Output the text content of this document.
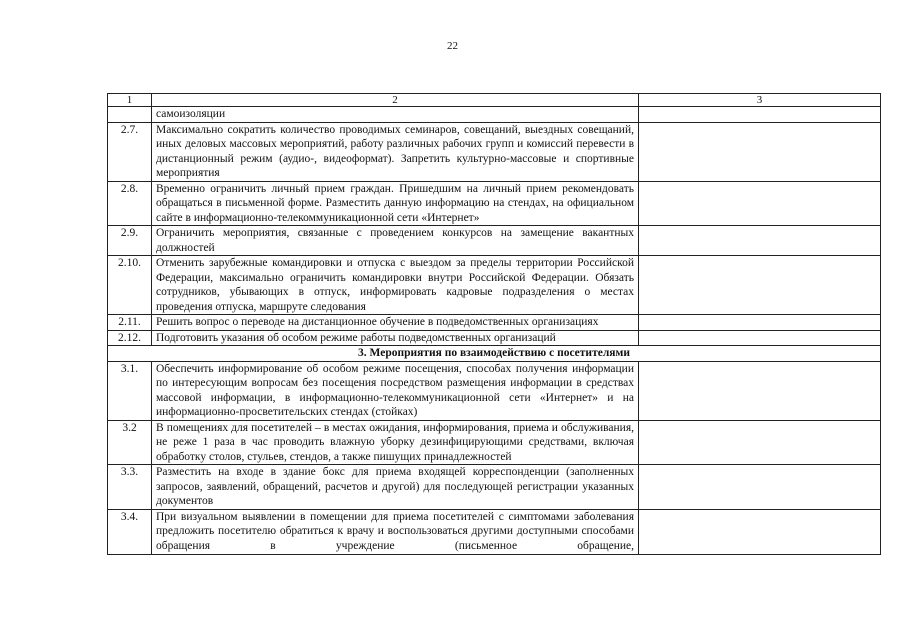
22
1	2	3
	самоизоляции	
2.7.	Максимально сократить количество проводимых семинаров, совещаний, выездных совещаний, иных деловых массовых мероприятий, работу различных рабочих групп и комиссий перевести в дистанционный режим (аудио-, видеоформат). Запретить культурно-массовые и спортивные мероприятия	
2.8.	Временно ограничить личный прием граждан. Пришедшим на личный прием рекомендовать обращаться в письменной форме. Разместить данную информацию на стендах, на официальном сайте в информационно-телекоммуникационной сети «Интернет»	
2.9.	Ограничить мероприятия, связанные с проведением конкурсов на замещение вакантных должностей	
2.10.	Отменить зарубежные командировки и отпуска с выездом за пределы территории Российской Федерации, максимально ограничить командировки внутри Российской Федерации. Обязать сотрудников, убывающих в отпуск, информировать кадровые подразделения о местах проведения отпуска, маршруте следования	
2.11.	Решить вопрос о переводе на дистанционное обучение в подведомственных организациях	
2.12.	Подготовить указания об особом режиме работы подведомственных организаций	
3. Мероприятия по взаимодействию с посетителями		
3.1.	Обеспечить информирование об особом режиме посещения, способах получения информации по интересующим вопросам без посещения посредством размещения информации в средствах массовой информации, в информационно-телекоммуникационной сети «Интернет» и на информационно-просветительских стендах (стойках)	
3.2	В помещениях для посетителей – в местах ожидания, информирования, приема и обслуживания, не реже 1 раза в час проводить влажную уборку дезинфицирующими средствами, включая обработку столов, стульев, стендов, а также пишущих принадлежностей	
3.3.	Разместить на входе в здание бокс для приема входящей корреспонденции (заполненных запросов, заявлений, обращений, расчетов и другой) для последующей регистрации указанных документов	
3.4.	При визуальном выявлении в помещении для приема посетителей с симптомами заболевания предложить посетителю обратиться к врачу и воспользоваться другими доступными способами обращения в учреждение (письменное обращение,	
